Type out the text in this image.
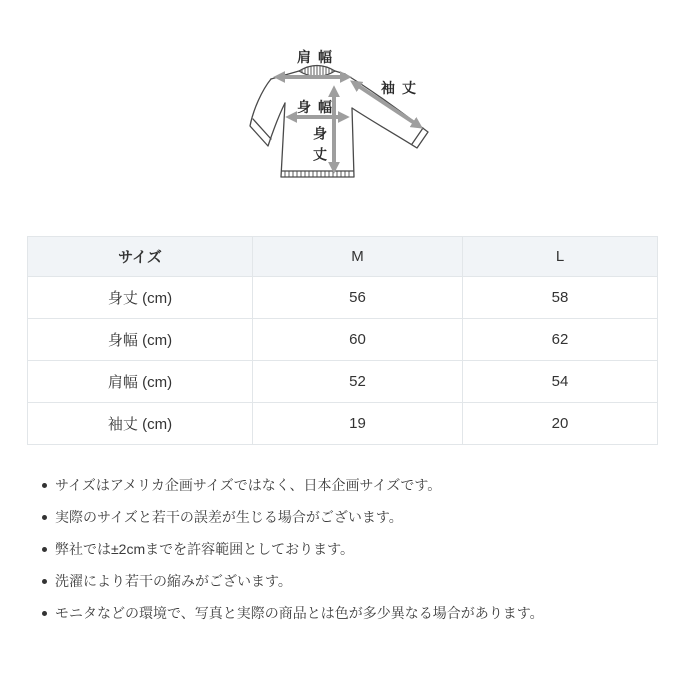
肩幅
袖丈
身幅
身丈
サイズ	M	L
身丈 (cm)	56	58
身幅 (cm)	60	62
肩幅 (cm)	52	54
袖丈 (cm)	19	20
サイズはアメリカ企画サイズではなく、日本企画サイズです。
実際のサイズと若干の誤差が生じる場合がございます。
弊社では±2cmまでを許容範囲としております。
洗濯により若干の縮みがございます。
モニタなどの環境で、写真と実際の商品とは色が多少異なる場合があります。
